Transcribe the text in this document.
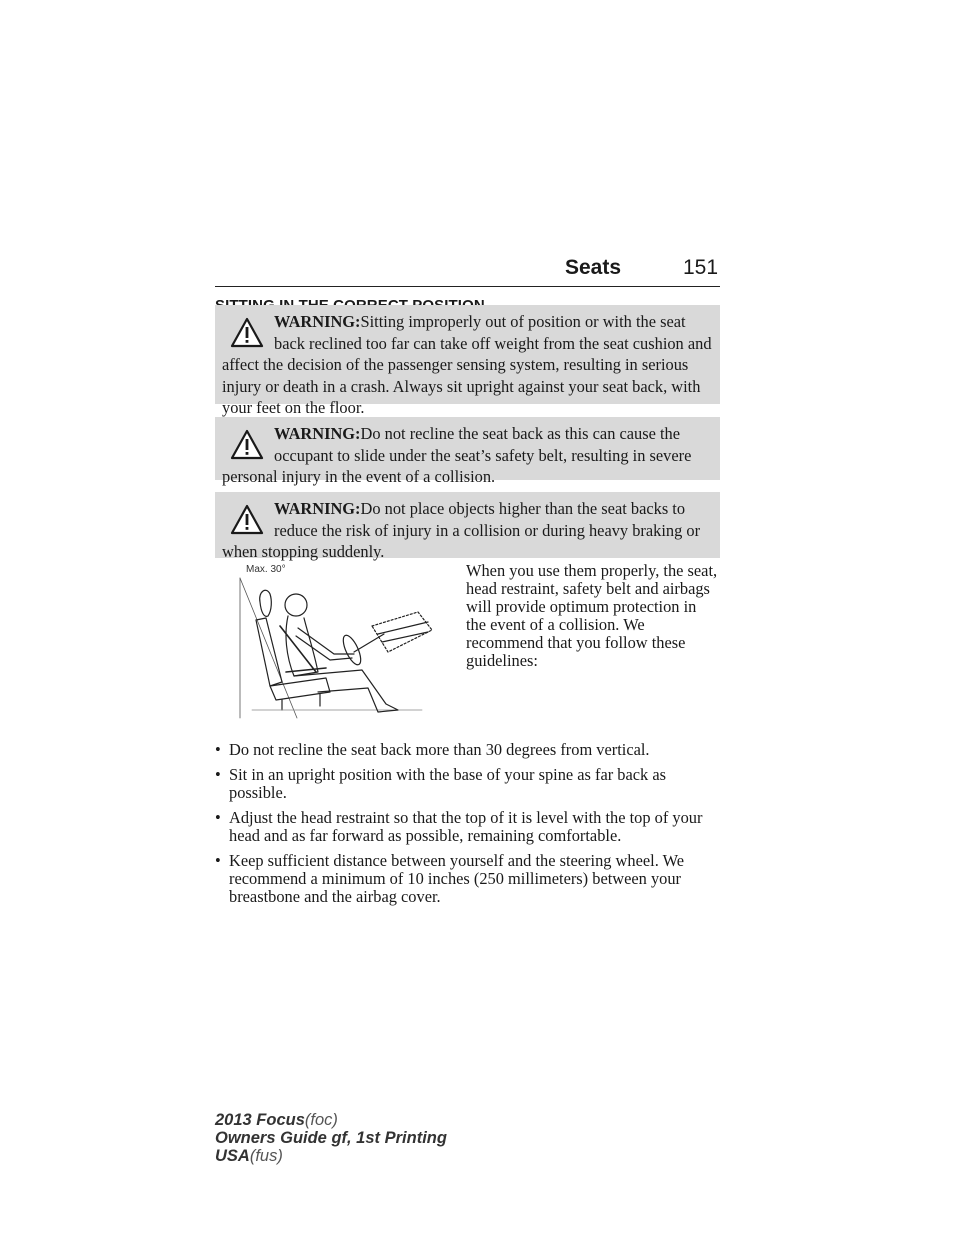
Seats	151
WARNING:Sitting improperly out of position or with the seat back reclined too far can take off weight from the seat cushion and affect the decision of the passenger sensing system, resulting in serious injury or death in a crash. Always sit upright against your seat back, with your feet on the floor.
WARNING:Do not recline the seat back as this can cause the occupant to slide under the seat’s safety belt, resulting in severe personal injury in the event of a collision.
WARNING:Do not place objects higher than the seat backs to reduce the risk of injury in a collision or during heavy braking or when stopping suddenly.
Max. 30°	When you use them properly, the seat, head restraint, safety belt and airbags will provide optimum protection in the event of a collision. We recommend that you follow these guidelines:
• Do not recline the seat back more than 30 degrees from vertical.
• Sit in an upright position with the base of your spine as far back as possible.
• Adjust the head restraint so that the top of it is level with the top of your head and as far forward as possible, remaining comfortable.
• Keep sufficient distance between yourself and the steering wheel. We recommend a minimum of 10 inches (250 millimeters) between your breastbone and the airbag cover.
2013 Focus(foc)
Owners Guide gf, 1st Printing
USA(fus)
